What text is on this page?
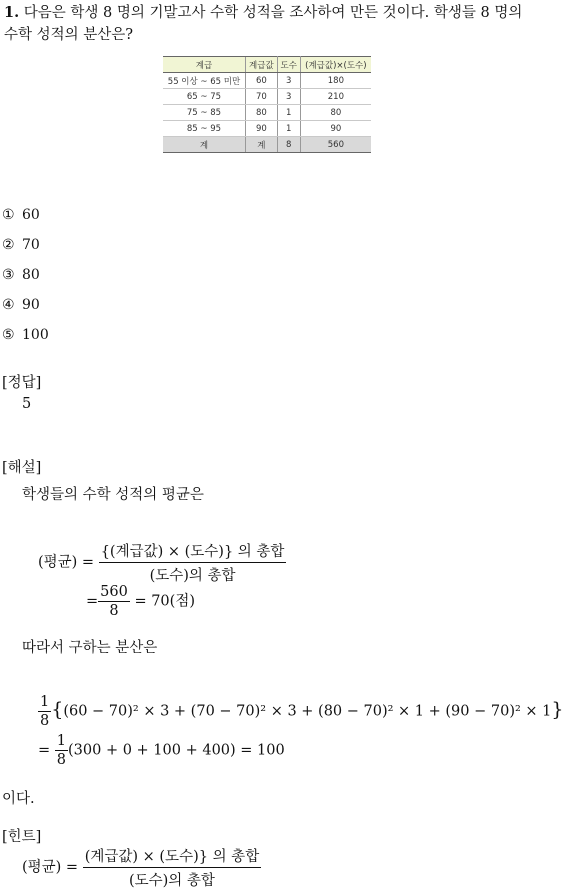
1. 다음은 학생 8 명의 기말고사 수학 성적을 조사하여 만든 것이다. 학생들 8 명의 수학 성적의 분산은?
계급	계급값	도수	(계급값)×(도수)
55 이상 ~ 65 미만	60	3	180
65 ~ 75	70	3	210
75 ~ 85	80	1	80
85 ~ 95	90	1	90
계	계	8	560
① 60
② 70
③ 80
④ 90
⑤ 100
[정답]
5
[해설]
학생들의 수학 성적의 평균은
(평균) = $\frac{\text{\{(계급값) × (도수)\} 의 총합}}{\text{(도수)의 총합}}$
= $\frac{560}{8} = 70$(점)
따라서 구하는 분산은
$\frac{1}{8} \{(60 - 70)^2 \times 3 + (70 - 70)^2 \times 3 + (80 - 70)^2 \times 1 + (90 - 70)^2 \times 1\}$
= $\frac{1}{8} (300 + 0 + 100 + 400) = 100$
이다.
[힌트]
(평균) = $\frac{\text{(계급값) × (도수)\} 의 총합}}{\text{(도수)의 총합}}$
